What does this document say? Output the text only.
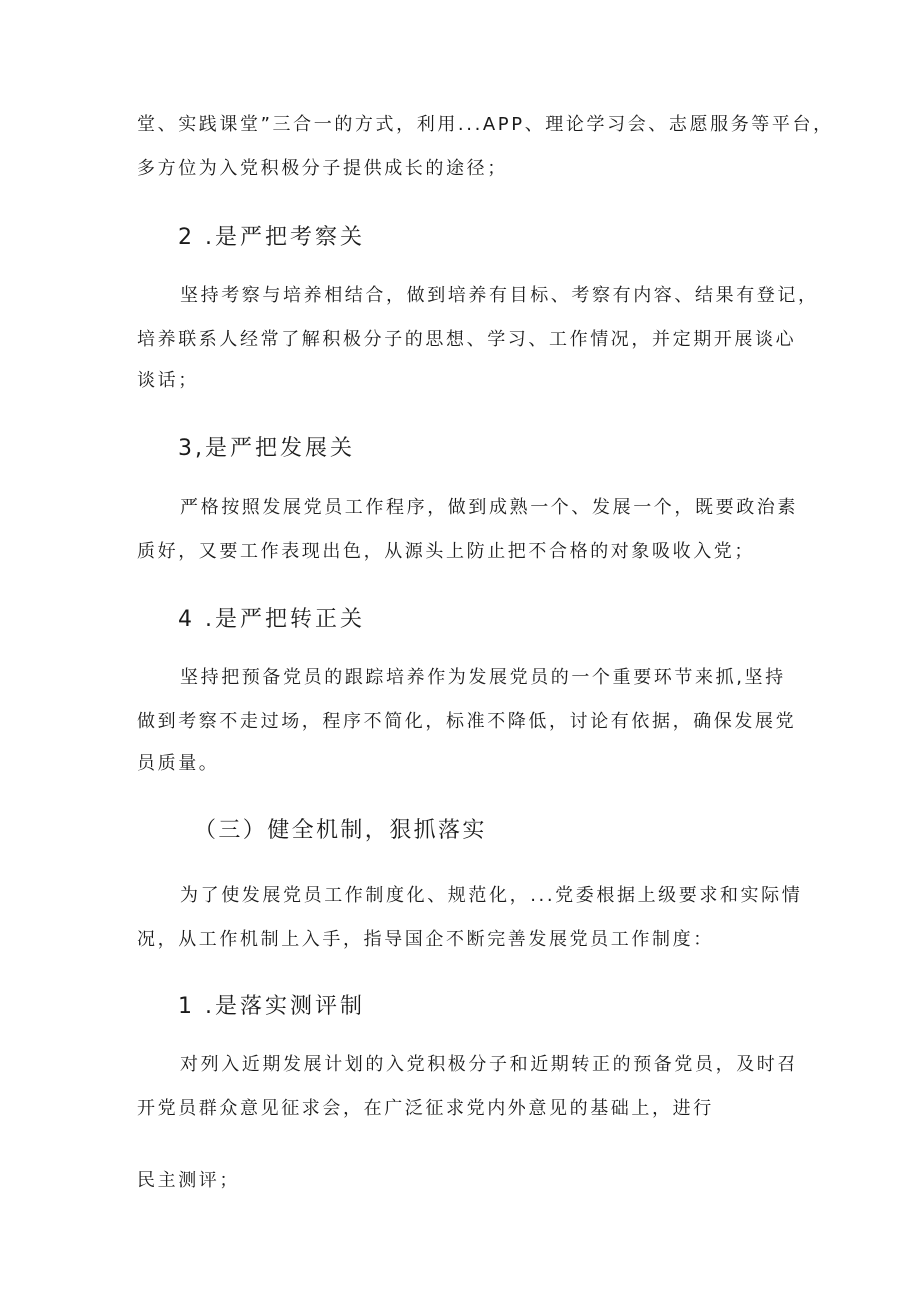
堂、实践课堂”三合一的方式，利用...APP、理论学习会、志愿服务等平台，
多方位为入党积极分子提供成长的途径；
2 .是严把考察关
坚持考察与培养相结合，做到培养有目标、考察有内容、结果有登记，
培养联系人经常了解积极分子的思想、学习、工作情况，并定期开展谈心
谈话；
3,是严把发展关
严格按照发展党员工作程序，做到成熟一个、发展一个，既要政治素
质好，又要工作表现出色，从源头上防止把不合格的对象吸收入党；
4 .是严把转正关
坚持把预备党员的跟踪培养作为发展党员的一个重要环节来抓,坚持
做到考察不走过场，程序不简化，标准不降低，讨论有依据，确保发展党
员质量。
（三）健全机制，狠抓落实
为了使发展党员工作制度化、规范化，...党委根据上级要求和实际情
况，从工作机制上入手，指导国企不断完善发展党员工作制度：
1 .是落实测评制
对列入近期发展计划的入党积极分子和近期转正的预备党员，及时召
开党员群众意见征求会，在广泛征求党内外意见的基础上，进行
民主测评；
